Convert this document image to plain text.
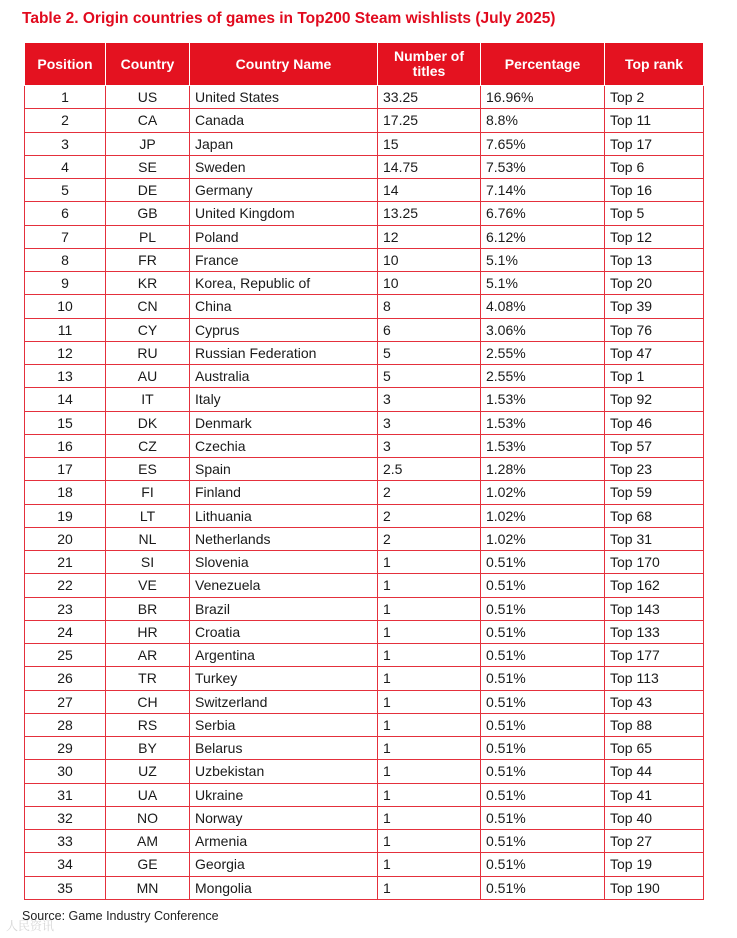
Table 2. Origin countries of games in Top200 Steam wishlists (July 2025)
Position	Country	Country Name	Number of titles	Percentage	Top rank
1	US	United States	33.25	16.96%	Top 2
2	CA	Canada	17.25	8.8%	Top 11
3	JP	Japan	15	7.65%	Top 17
4	SE	Sweden	14.75	7.53%	Top 6
5	DE	Germany	14	7.14%	Top 16
6	GB	United Kingdom	13.25	6.76%	Top 5
7	PL	Poland	12	6.12%	Top 12
8	FR	France	10	5.1%	Top 13
9	KR	Korea, Republic of	10	5.1%	Top 20
10	CN	China	8	4.08%	Top 39
11	CY	Cyprus	6	3.06%	Top 76
12	RU	Russian Federation	5	2.55%	Top 47
13	AU	Australia	5	2.55%	Top 1
14	IT	Italy	3	1.53%	Top 92
15	DK	Denmark	3	1.53%	Top 46
16	CZ	Czechia	3	1.53%	Top 57
17	ES	Spain	2.5	1.28%	Top 23
18	FI	Finland	2	1.02%	Top 59
19	LT	Lithuania	2	1.02%	Top 68
20	NL	Netherlands	2	1.02%	Top 31
21	SI	Slovenia	1	0.51%	Top 170
22	VE	Venezuela	1	0.51%	Top 162
23	BR	Brazil	1	0.51%	Top 143
24	HR	Croatia	1	0.51%	Top 133
25	AR	Argentina	1	0.51%	Top 177
26	TR	Turkey	1	0.51%	Top 113
27	CH	Switzerland	1	0.51%	Top 43
28	RS	Serbia	1	0.51%	Top 88
29	BY	Belarus	1	0.51%	Top 65
30	UZ	Uzbekistan	1	0.51%	Top 44
31	UA	Ukraine	1	0.51%	Top 41
32	NO	Norway	1	0.51%	Top 40
33	AM	Armenia	1	0.51%	Top 27
34	GE	Georgia	1	0.51%	Top 19
35	MN	Mongolia	1	0.51%	Top 190
Source: Game Industry Conference
人民资讯
